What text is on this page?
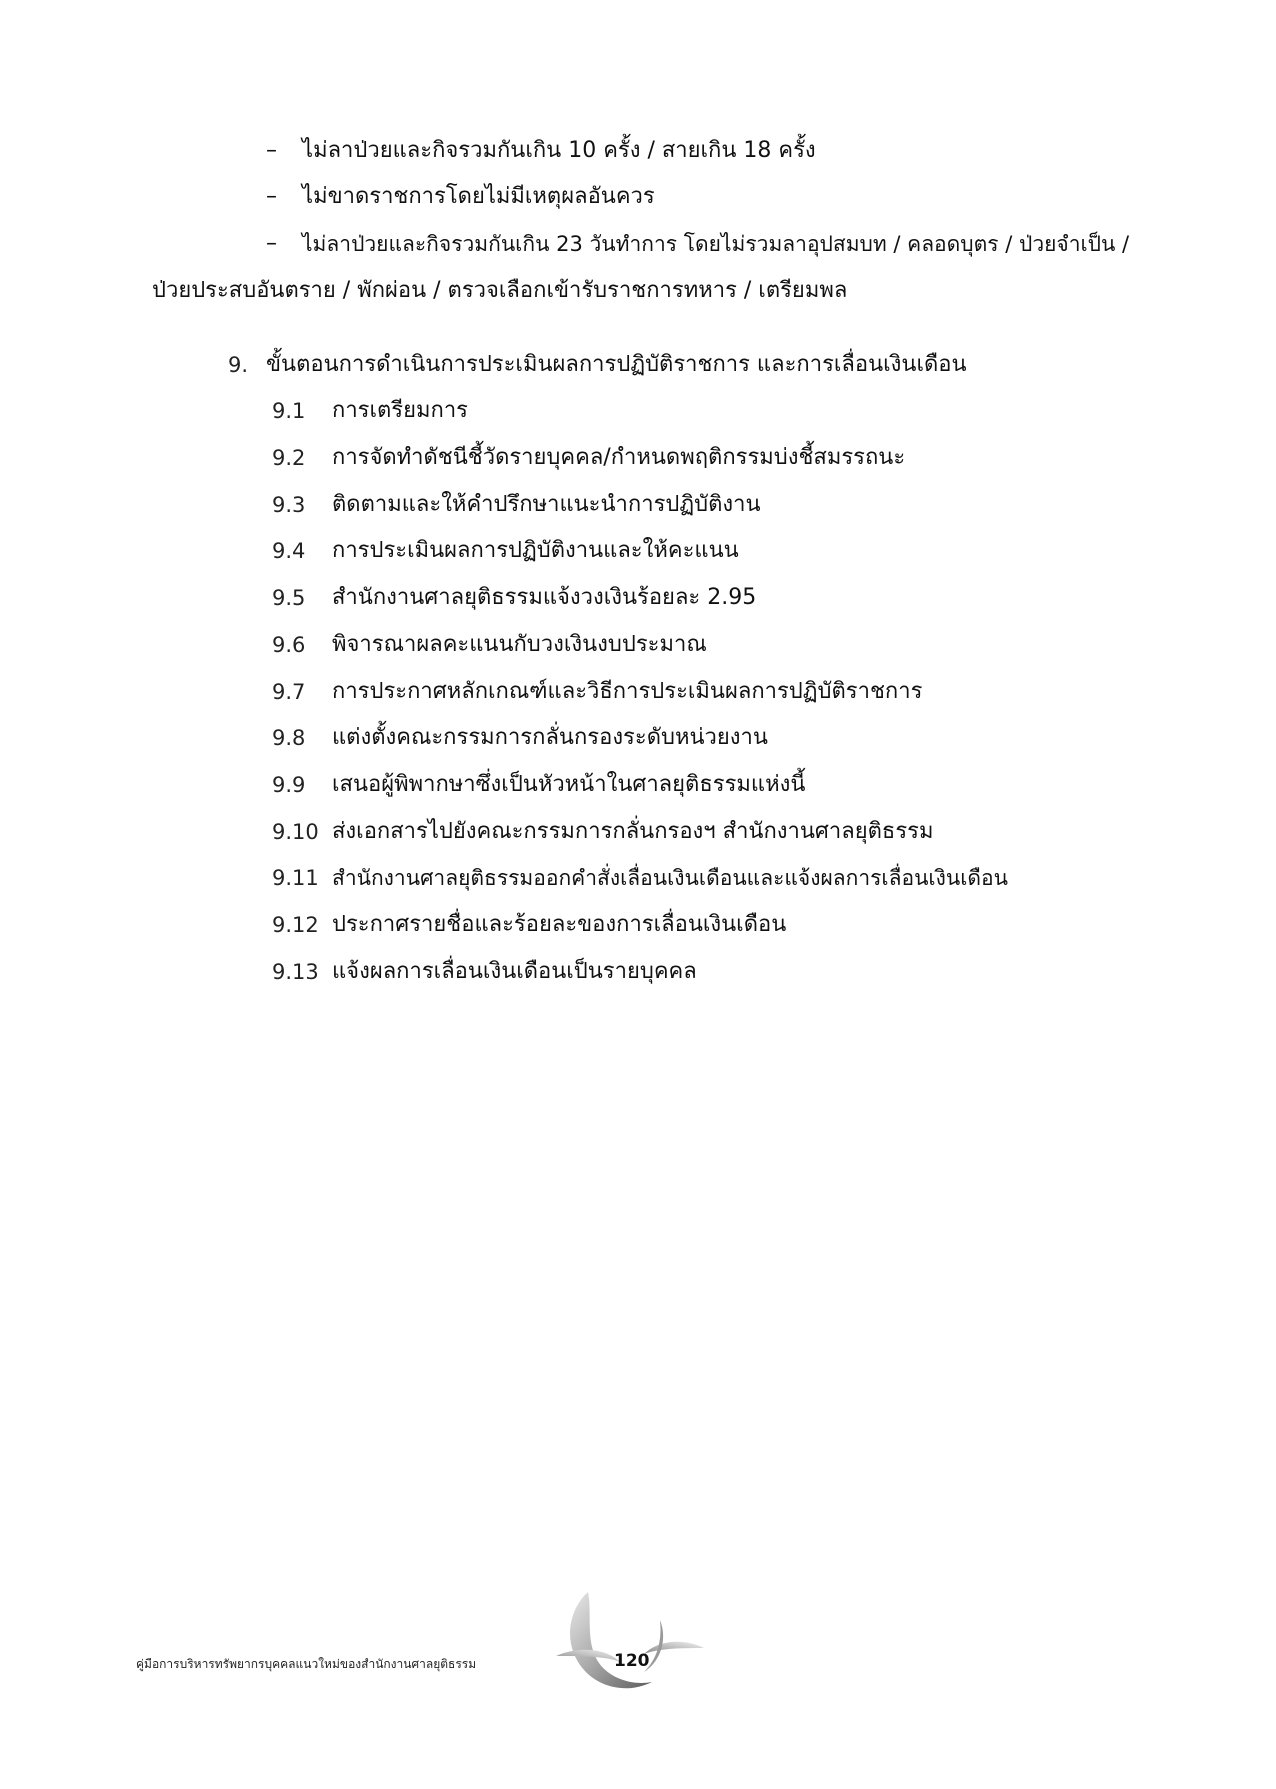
– ไม่ลาป่วยและกิจรวมกันเกิน 10 ครั้ง / สายเกิน 18 ครั้ง
– ไม่ขาดราชการโดยไม่มีเหตุผลอันควร
– ไม่ลาป่วยและกิจรวมกันเกิน 23 วันทำการ โดยไม่รวมลาอุปสมบท / คลอดบุตร / ป่วยจำเป็น /
ป่วยประสบอันตราย / พักผ่อน / ตรวจเลือกเข้ารับราชการทหาร / เตรียมพล
9. ขั้นตอนการดำเนินการประเมินผลการปฏิบัติราชการ และการเลื่อนเงินเดือน
9.1 การเตรียมการ
9.2 การจัดทำดัชนีชี้วัดรายบุคคล/กำหนดพฤติกรรมบ่งชี้สมรรถนะ
9.3 ติดตามและให้คำปรึกษาแนะนำการปฏิบัติงาน
9.4 การประเมินผลการปฏิบัติงานและให้คะแนน
9.5 สำนักงานศาลยุติธรรมแจ้งวงเงินร้อยละ 2.95
9.6 พิจารณาผลคะแนนกับวงเงินงบประมาณ
9.7 การประกาศหลักเกณฑ์และวิธีการประเมินผลการปฏิบัติราชการ
9.8 แต่งตั้งคณะกรรมการกลั่นกรองระดับหน่วยงาน
9.9 เสนอผู้พิพากษาซึ่งเป็นหัวหน้าในศาลยุติธรรมแห่งนี้
9.10 ส่งเอกสารไปยังคณะกรรมการกลั่นกรองฯ สำนักงานศาลยุติธรรม
9.11 สำนักงานศาลยุติธรรมออกคำสั่งเลื่อนเงินเดือนและแจ้งผลการเลื่อนเงินเดือน
9.12 ประกาศรายชื่อและร้อยละของการเลื่อนเงินเดือน
9.13 แจ้งผลการเลื่อนเงินเดือนเป็นรายบุคคล
คู่มือการบริหารทรัพยากรบุคคลแนวใหม่ของสำนักงานศาลยุติธรรม	120
